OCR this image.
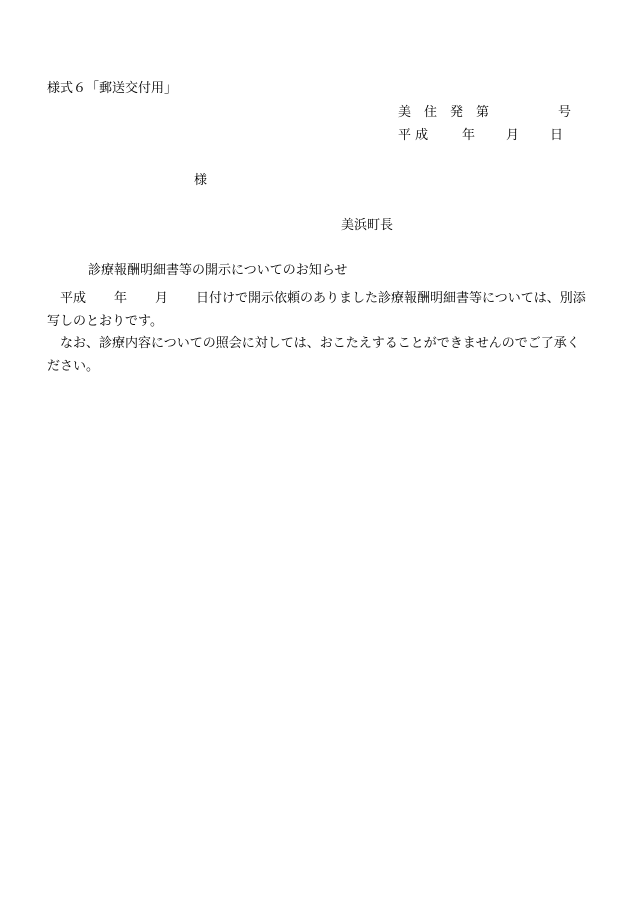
様式６「郵送交付用」
美　住　発　第	号
平 成	年 月 日
様
美浜町長
診療報酬明細書等の開示についてのお知らせ
平成 年 月 日付けで開示依頼のありました診療報酬明細書等については、別添写しのとおりです。
なお、診療内容についての照会に対しては、おこたえすることができませんのでご了承ください。
